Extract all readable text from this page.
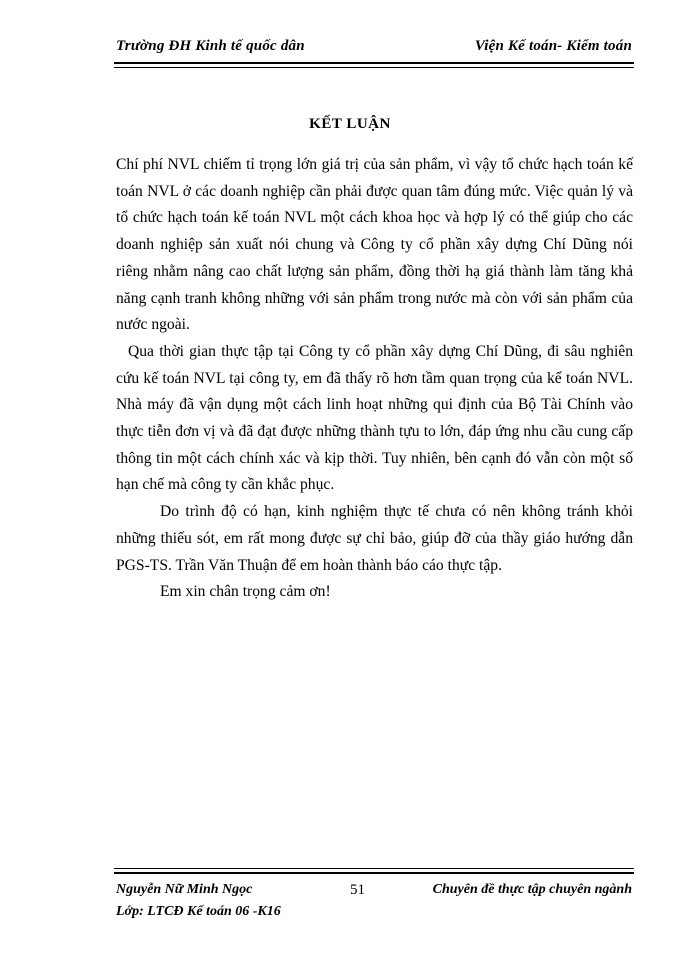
Trường ĐH Kinh tế quốc dân	Viện Kế toán- Kiểm toán
KẾT LUẬN

Chí phí NVL chiếm tỉ trọng lớn giá trị của sản phẩm, vì vậy tổ chức hạch toán kế toán NVL ở các doanh nghiệp cần phải được quan tâm đúng mức. Việc quản lý và tổ chức hạch toán kế toán NVL một cách khoa học và hợp lý có thể giúp cho các doanh nghiệp sản xuất nói chung và Công ty cổ phần xây dựng Chí Dũng nói riêng nhằm nâng cao chất lượng sản phẩm, đồng thời hạ giá thành làm tăng khả năng cạnh tranh không những với sản phẩm trong nước mà còn với sản phẩm của nước ngoài.

Qua thời gian thực tập tại Công ty cổ phần xây dựng Chí Dũng, đi sâu nghiên cứu kế toán NVL tại công ty, em đã thấy rõ hơn tầm quan trọng của kế toán NVL. Nhà máy đã vận dụng một cách linh hoạt những qui định của Bộ Tài Chính vào thực tiễn đơn vị và đã đạt được những thành tựu to lớn, đáp ứng nhu cầu cung cấp thông tin một cách chính xác và kịp thời. Tuy nhiên, bên cạnh đó vẫn còn một số hạn chế mà công ty cần khắc phục.

Do trình độ có hạn, kinh nghiệm thực tế chưa có nên không tránh khỏi những thiếu sót, em rất mong được sự chỉ bảo, giúp đỡ của thầy giáo hướng dẫn PGS-TS. Trần Văn Thuận để em hoàn thành báo cáo thực tập.

Em xin chân trọng cảm ơn!

Nguyễn Nữ Minh Ngọc
Lớp: LTCĐ Kế toán 06 -K16
51	Chuyên đề thực tập chuyên ngành
